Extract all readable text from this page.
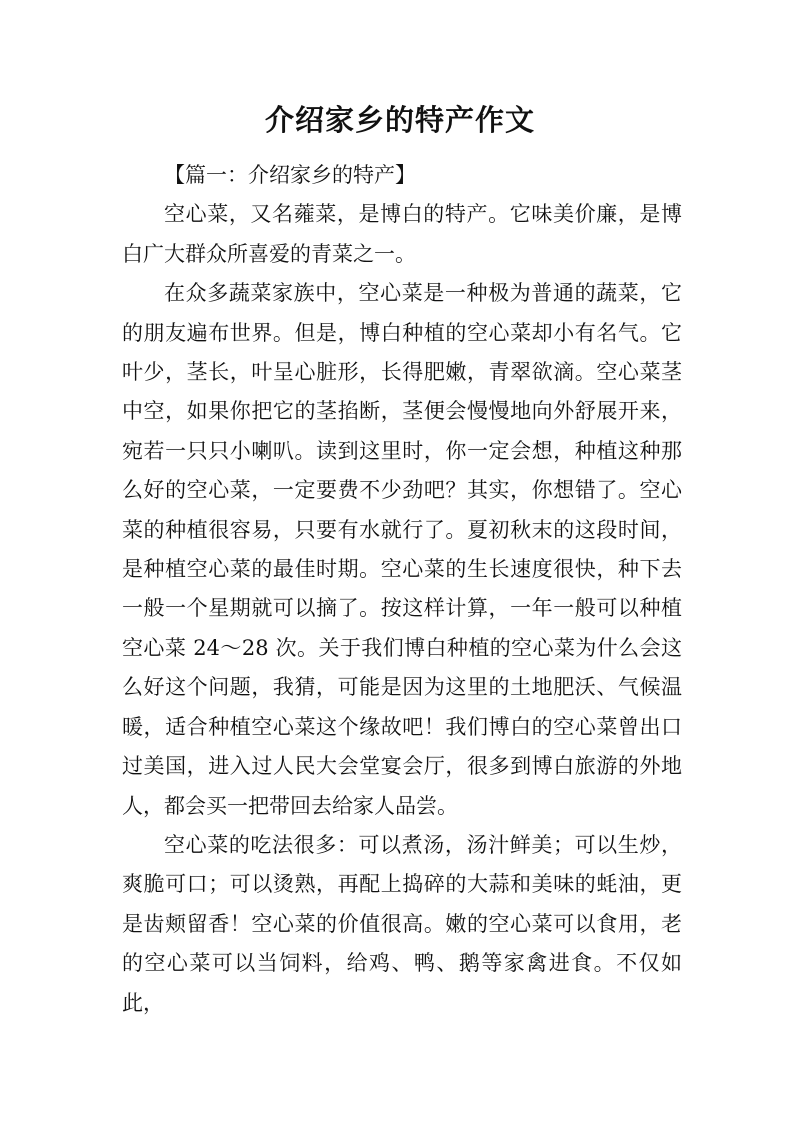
介绍家乡的特产作文

【篇一：介绍家乡的特产】

空心菜，又名蕹菜，是博白的特产。它味美价廉，是博白广大群众所喜爱的青菜之一。

在众多蔬菜家族中，空心菜是一种极为普通的蔬菜，它的朋友遍布世界。但是，博白种植的空心菜却小有名气。它叶少，茎长，叶呈心脏形，长得肥嫩，青翠欲滴。空心菜茎中空，如果你把它的茎掐断，茎便会慢慢地向外舒展开来，宛若一只只小喇叭。读到这里时，你一定会想，种植这种那么好的空心菜，一定要费不少劲吧？其实，你想错了。空心菜的种植很容易，只要有水就行了。夏初秋末的这段时间，是种植空心菜的最佳时期。空心菜的生长速度很快，种下去一般一个星期就可以摘了。按这样计算，一年一般可以种植空心菜 24～28 次。关于我们博白种植的空心菜为什么会这么好这个问题，我猜，可能是因为这里的土地肥沃、气候温暖，适合种植空心菜这个缘故吧！我们博白的空心菜曾出口过美国，进入过人民大会堂宴会厅，很多到博白旅游的外地人，都会买一把带回去给家人品尝。

空心菜的吃法很多：可以煮汤，汤汁鲜美；可以生炒，爽脆可口；可以烫熟，再配上捣碎的大蒜和美味的蚝油，更是齿颊留香！空心菜的价值很高。嫩的空心菜可以食用，老的空心菜可以当饲料，给鸡、鸭、鹅等家禽进食。不仅如此，
